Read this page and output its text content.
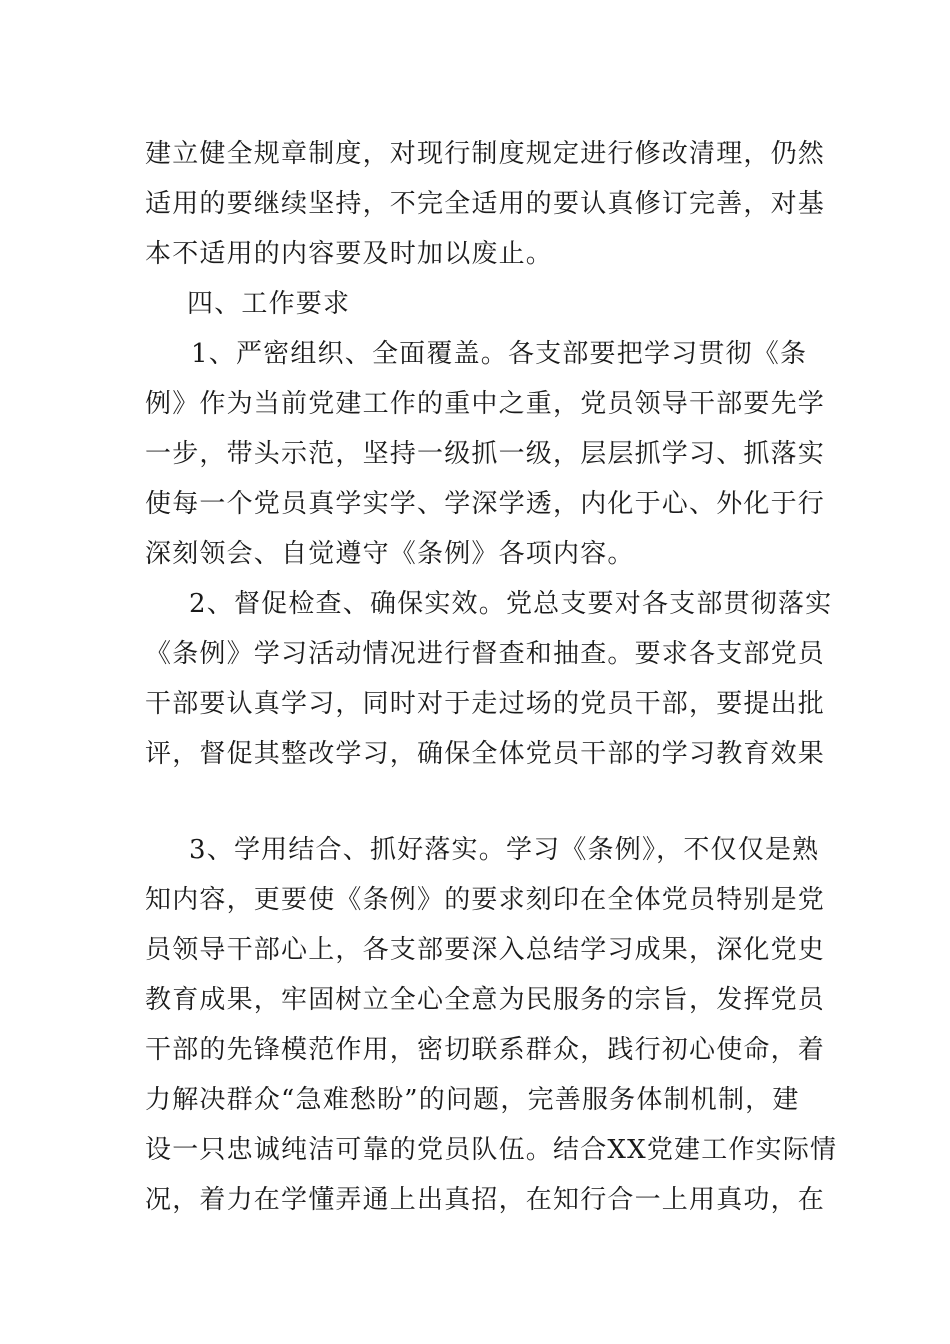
建立健全规章制度，对现行制度规定进行修改清理，仍然
适用的要继续坚持，不完全适用的要认真修订完善，对基
本不适用的内容要及时加以废止。
四、工作要求
1、严密组织、全面覆盖。各支部要把学习贯彻《条
例》作为当前党建工作的重中之重，党员领导干部要先学
一步，带头示范，坚持一级抓一级，层层抓学习、抓落实
使每一个党员真学实学、学深学透，内化于心、外化于行
深刻领会、自觉遵守《条例》各项内容。
2、督促检查、确保实效。党总支要对各支部贯彻落实
《条例》学习活动情况进行督查和抽查。要求各支部党员
干部要认真学习，同时对于走过场的党员干部，要提出批
评，督促其整改学习，确保全体党员干部的学习教育效果
3、学用结合、抓好落实。学习《条例》，不仅仅是熟
知内容，更要使《条例》的要求刻印在全体党员特别是党
员领导干部心上，各支部要深入总结学习成果，深化党史
教育成果，牢固树立全心全意为民服务的宗旨，发挥党员
干部的先锋模范作用，密切联系群众，践行初心使命，着
力解决群众“急难愁盼”的问题，完善服务体制机制，建
设一只忠诚纯洁可靠的党员队伍。结合XX党建工作实际情
况，着力在学懂弄通上出真招，在知行合一上用真功，在
